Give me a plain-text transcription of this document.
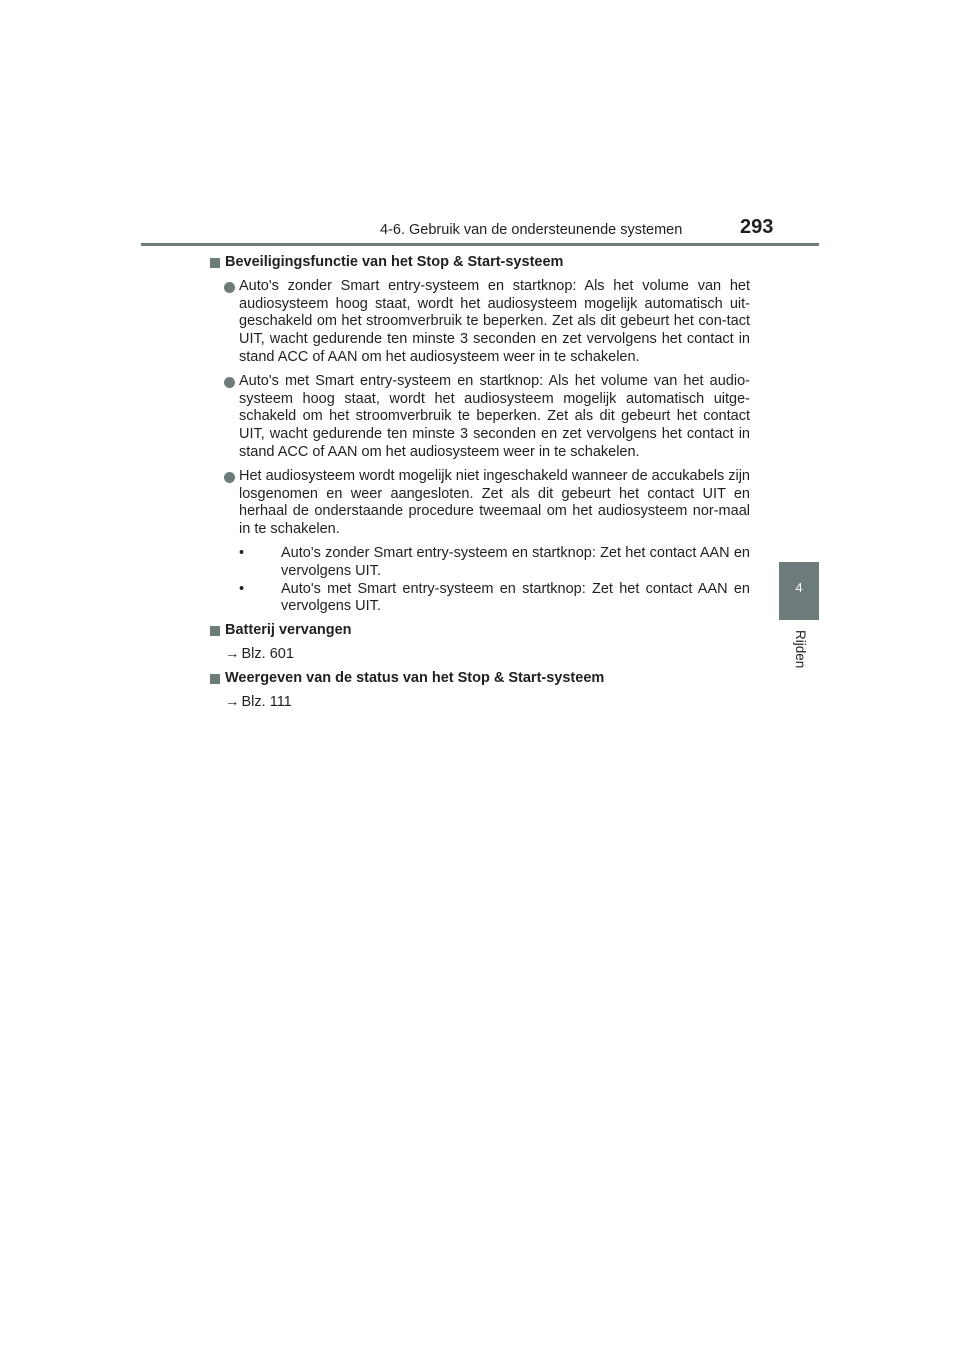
4-6. Gebruik van de ondersteunende systemen	293
4
Rijden
Beveiligingsfunctie van het Stop & Start-systeem
Auto's zonder Smart entry-systeem en startknop: Als het volume van het audiosysteem hoog staat, wordt het audiosysteem mogelijk automatisch uit-geschakeld om het stroomverbruik te beperken. Zet als dit gebeurt het con-tact UIT, wacht gedurende ten minste 3 seconden en zet vervolgens het contact in stand ACC of AAN om het audiosysteem weer in te schakelen.
Auto's met Smart entry-systeem en startknop: Als het volume van het audio-systeem hoog staat, wordt het audiosysteem mogelijk automatisch uitge-schakeld om het stroomverbruik te beperken. Zet als dit gebeurt het contact UIT, wacht gedurende ten minste 3 seconden en zet vervolgens het contact in stand ACC of AAN om het audiosysteem weer in te schakelen.
Het audiosysteem wordt mogelijk niet ingeschakeld wanneer de accukabels zijn losgenomen en weer aangesloten. Zet als dit gebeurt het contact UIT en herhaal de onderstaande procedure tweemaal om het audiosysteem nor-maal in te schakelen.
•	Auto's zonder Smart entry-systeem en startknop: Zet het contact AAN en vervolgens UIT.
•	Auto's met Smart entry-systeem en startknop: Zet het contact AAN en vervolgens UIT.
Batterij vervangen
→ Blz. 601
Weergeven van de status van het Stop & Start-systeem
→ Blz. 111
